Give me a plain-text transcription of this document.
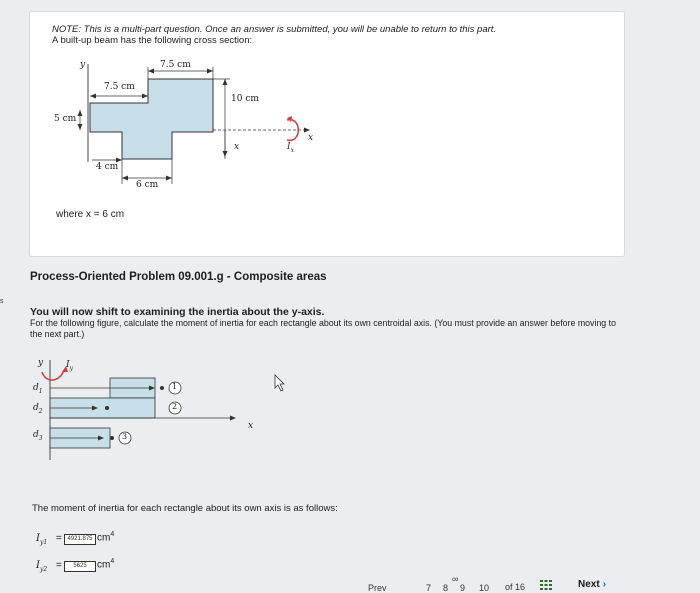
s
NOTE: This is a multi-part question. Once an answer is submitted, you will be unable to return to this part.
A built-up beam has the following cross section:
7.5 cm
7.5 cm
10 cm
5 cm
4 cm
6 cm
y
x
x	$I_x$
where x = 6 cm
Process-Oriented Problem 09.001.g - Composite areas
You will now shift to examining the inertia about the y-axis.
For the following figure, calculate the moment of inertia for each rectangle about its own centroidal axis. (You must provide an answer before moving to the next part.)
y	$I_y$
$d_1$
$d_2$
$d_3$
1
2
3
x
The moment of inertia for each rectangle about its own axis is as follows:
$I_{y1} = 4921.875$ $cm^4$
$I_{y2}$ =	5625	$cm^4$
Prev	7 8
∞
9 10 of 16	Next ›
